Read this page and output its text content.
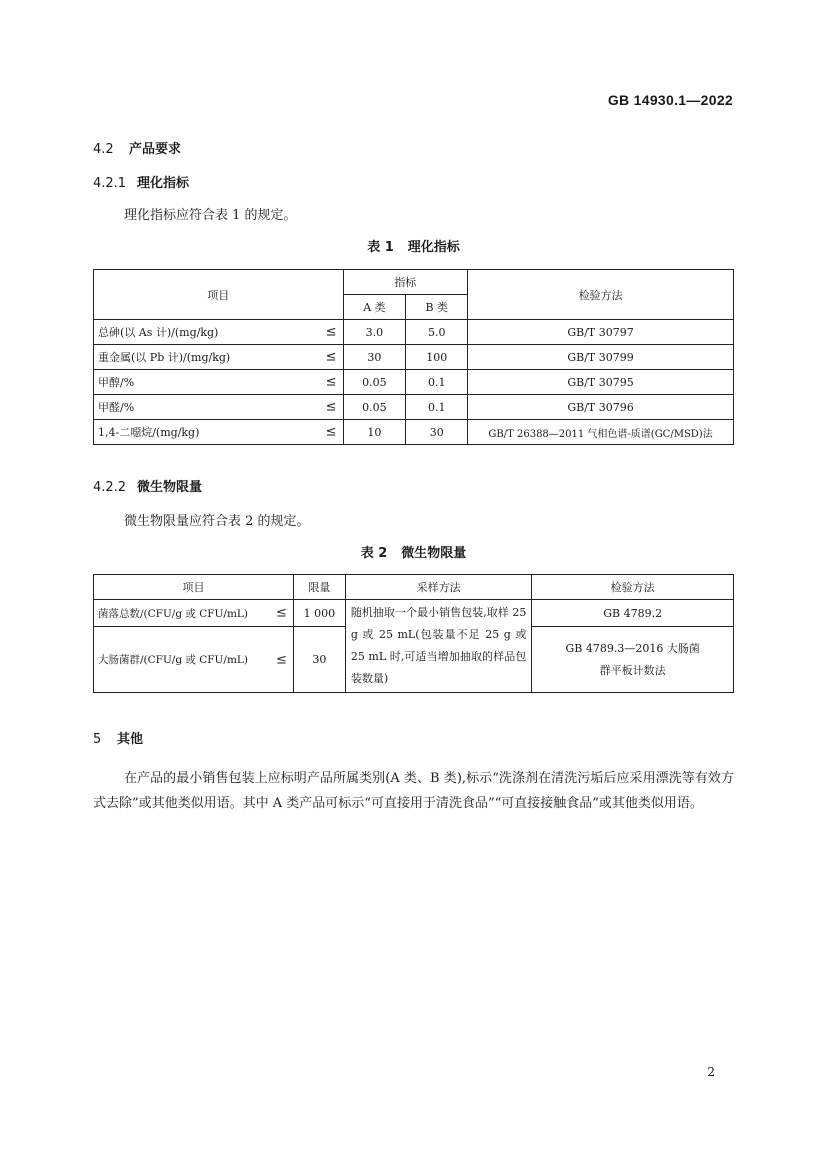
GB 14930.1—2022
4.2 产品要求
4.2.1 理化指标
理化指标应符合表 1 的规定。
表 1 理化指标
项目	指标		检验方法
	A 类	B 类	
总砷(以 As 计)/(mg/kg) ≤	3.0	5.0	GB/T 30797
重金属(以 Pb 计)/(mg/kg) ≤	30	100	GB/T 30799
甲醇/% ≤	0.05	0.1	GB/T 30795
甲醛/% ≤	0.05	0.1	GB/T 30796
1,4-二噁烷/(mg/kg) ≤	10	30	GB/T 26388—2011 气相色谱-质谱(GC/MSD)法
4.2.2 微生物限量
微生物限量应符合表 2 的规定。
表 2 微生物限量
项目	限量	采样方法	检验方法
菌落总数/(CFU/g 或 CFU/mL) ≤	1 000	随机抽取一个最小销售包装,取样 25 g 或 25 mL(包装量不足 25 g 或 25 mL 时,可适当增加抽取的样品包装数量)	GB 4789.2
大肠菌群/(CFU/g 或 CFU/mL) ≤	30		GB 4789.3—2016 大肠菌群平板计数法
5 其他
在产品的最小销售包装上应标明产品所属类别(A 类、B 类),标示“洗涤剂在清洗污垢后应采用漂洗等有效方式去除”或其他类似用语。其中 A 类产品可标示“可直接用于清洗食品”“可直接接触食品”或其他类似用语。
2
